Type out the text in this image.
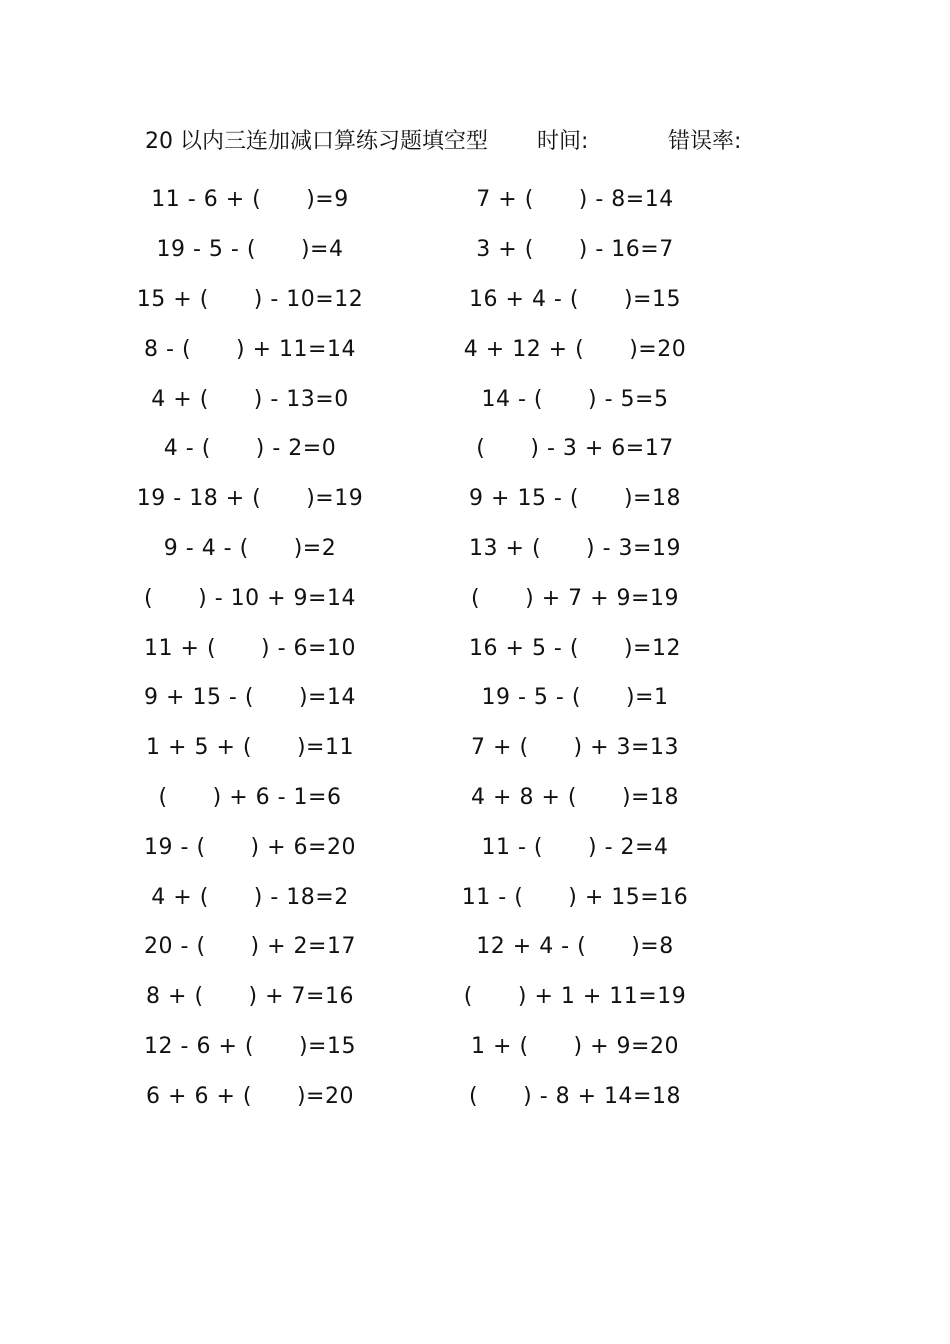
20 以内三连加减口算练习题填空型 时间:	错误率:
11 - 6 + (　　)=9
19 - 5 - (　　)=4
15 + (　　) - 10=12
8 - (　　) + 11=14
4 + (　　) - 13=0
4 - (　　) - 2=0
19 - 18 + (　　)=19
9 - 4 - (　　)=2
(　　) - 10 + 9=14
11 + (　　) - 6=10
9 + 15 - (　　)=14
1 + 5 + (　　)=11
(　　) + 6 - 1=6
19 - (　　) + 6=20
4 + (　　) - 18=2
20 - (　　) + 2=17
8 + (　　) + 7=16
12 - 6 + (　　)=15
6 + 6 + (　　)=20
7 + (　　) - 8=14
3 + (　　) - 16=7
16 + 4 - (　　)=15
4 + 12 + (　　)=20
14 - (　　) - 5=5
(　　) - 3 + 6=17
9 + 15 - (　　)=18
13 + (　　) - 3=19
(　　) + 7 + 9=19
16 + 5 - (　　)=12
19 - 5 - (　　)=1
7 + (　　) + 3=13
4 + 8 + (　　)=18
11 - (　　) - 2=4
11 - (　　) + 15=16
12 + 4 - (　　)=8
(　　) + 1 + 11=19
1 + (　　) + 9=20
(　　) - 8 + 14=18
